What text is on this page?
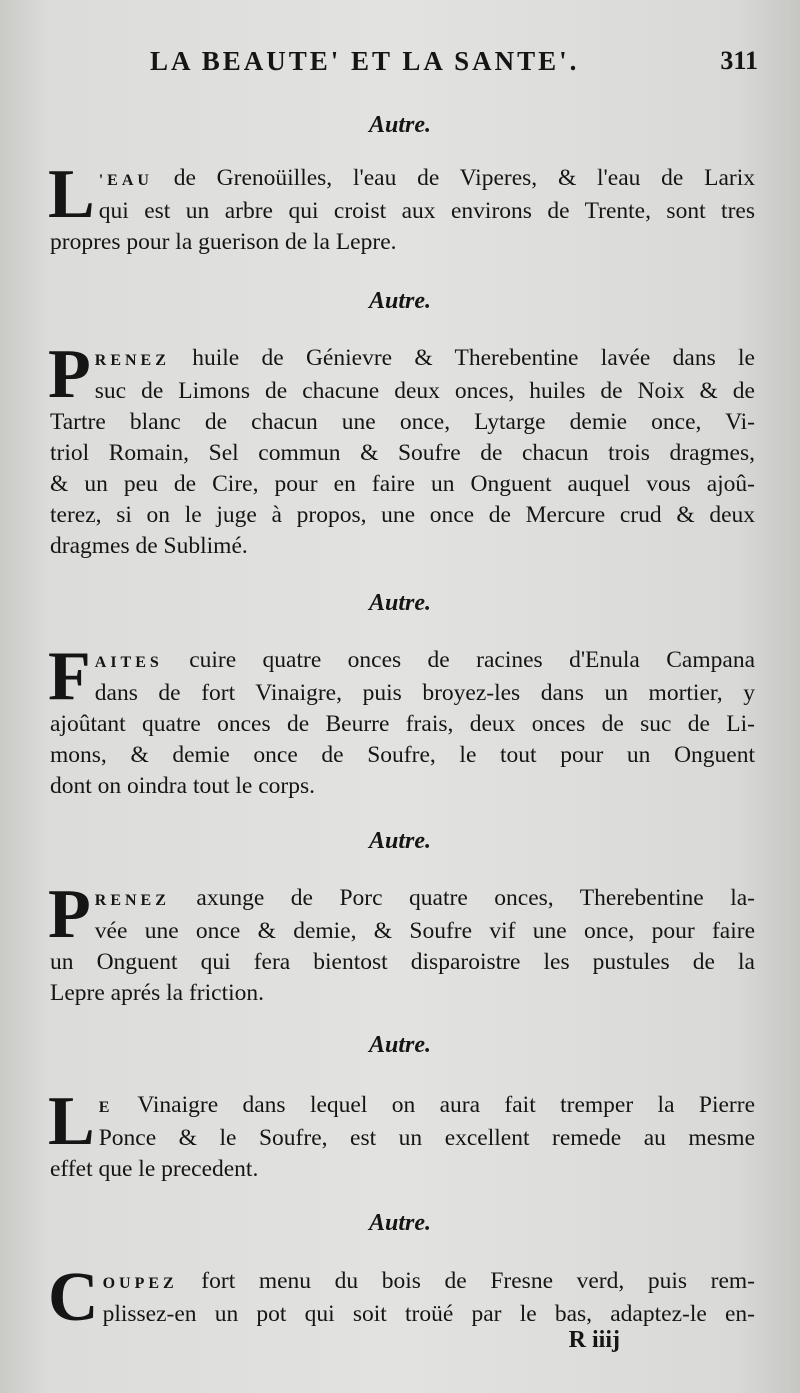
LA BEAUTE' ET LA SANTE'.	311
Autre.
L 'EAU de Grenoüilles, l'eau de Viperes, & l'eau de Larix
qui est un arbre qui croist aux environs de Trente, sont tres
propres pour la guerison de la Lepre.
Autre.
P RENEZ huile de Génievre & Therebentine lavée dans le
suc de Limons de chacune deux onces, huiles de Noix & de
Tartre blanc de chacun une once, Lytarge demie once, Vi-
triol Romain, Sel commun & Soufre de chacun trois dragmes,
& un peu de Cire, pour en faire un Onguent auquel vous ajoû-
terez, si on le juge à propos, une once de Mercure crud & deux
dragmes de Sublimé.
Autre.
F AITES cuire quatre onces de racines d'Enula Campana
dans de fort Vinaigre, puis broyez-les dans un mortier, y
ajoûtant quatre onces de Beurre frais, deux onces de suc de Li-
mons, & demie once de Soufre, le tout pour un Onguent
dont on oindra tout le corps.
Autre.
P RENEZ axunge de Porc quatre onces, Therebentine la-
vée une once & demie, & Soufre vif une once, pour faire
un Onguent qui fera bientost disparoistre les pustules de la
Lepre aprés la friction.
Autre.
L E Vinaigre dans lequel on aura fait tremper la Pierre
Ponce & le Soufre, est un excellent remede au mesme
effet que le precedent.
Autre.
C OUPEZ fort menu du bois de Fresne verd, puis rem-
plissez-en un pot qui soit troüé par le bas, adaptez-le en-
R iiij
